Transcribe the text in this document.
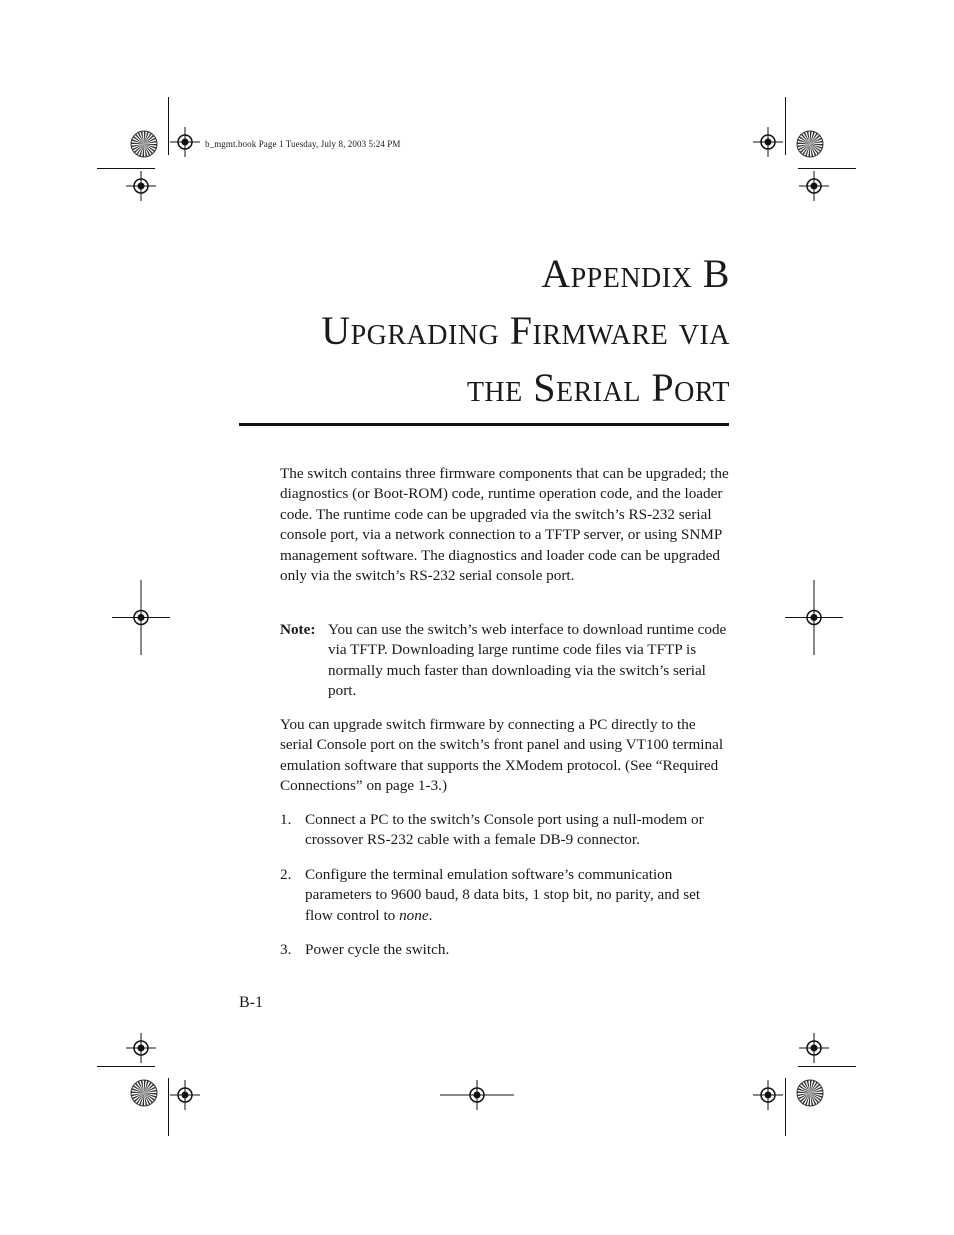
b_mgmt.book Page 1 Tuesday, July 8, 2003 5:24 PM
Appendix B
Upgrading Firmware via
the Serial Port

The switch contains three firmware components that can be upgraded; the diagnostics (or Boot-ROM) code, runtime operation code, and the loader code. The runtime code can be upgraded via the switch’s RS-232 serial console port, via a network connection to a TFTP server, or using SNMP management software. The diagnostics and loader code can be upgraded only via the switch’s RS-232 serial console port.

Note: You can use the switch’s web interface to download runtime code via TFTP. Downloading large runtime code files via TFTP is normally much faster than downloading via the switch’s serial port.

You can upgrade switch firmware by connecting a PC directly to the serial Console port on the switch’s front panel and using VT100 terminal emulation software that supports the XModem protocol. (See “Required Connections” on page 1-3.)

1. Connect a PC to the switch’s Console port using a null-modem or crossover RS-232 cable with a female DB-9 connector.
2. Configure the terminal emulation software’s communication parameters to 9600 baud, 8 data bits, 1 stop bit, no parity, and set flow control to none.
3. Power cycle the switch.
B-1
